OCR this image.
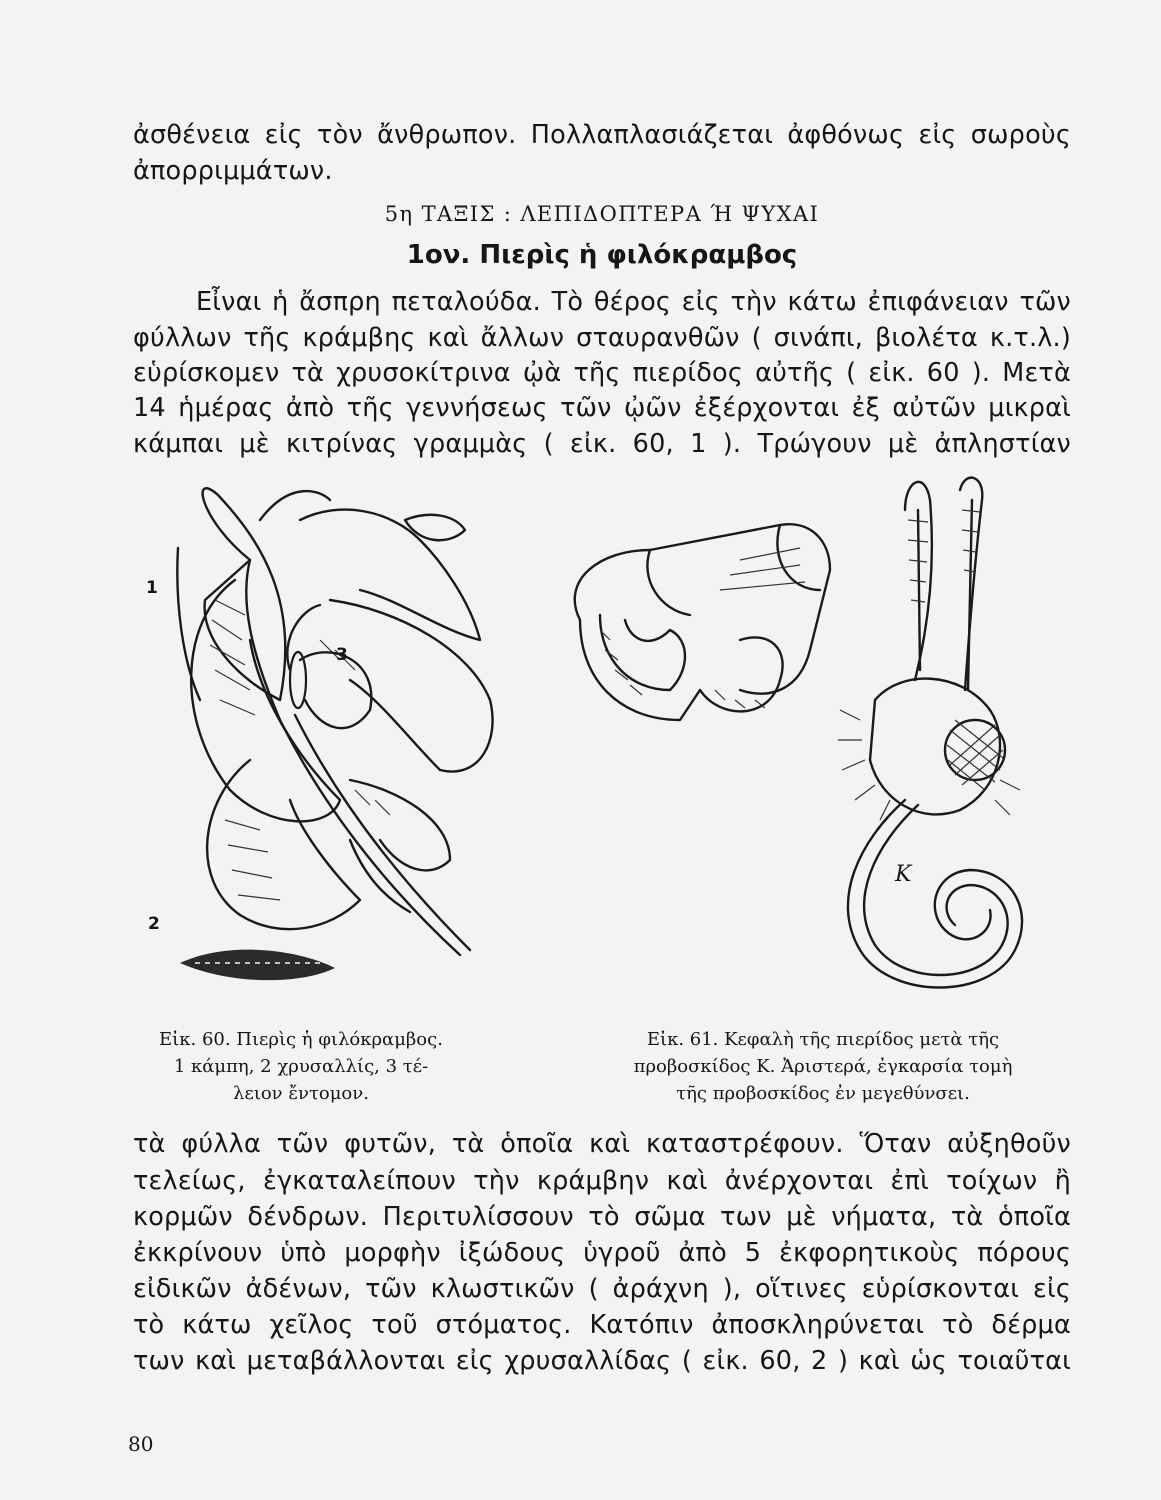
ἀσθένεια εἰς τὸν ἄνθρωπον. Πολλαπλασιάζεται ἀφθόνως εἰς σωροὺς
ἀπορριμμάτων.
5η ΤΑΞΙΣ : ΛΕΠΙΔΟΠΤΕΡΑ Ή ΨΥΧΑΙ
1ον. Πιερὶς ἡ φιλόκραμβος
Εἶναι ἡ ἄσπρη πεταλούδα. Τὸ θέρος εἰς τὴν κάτω ἐπιφάνειαν τῶν
φύλλων τῆς κράμβης καὶ ἄλλων σταυρανθῶν ( σινάπι, βιολέτα κ.τ.λ.)
εὑρίσκομεν τὰ χρυσοκίτρινα ᾠὰ τῆς πιερίδος αὐτῆς ( εἰκ. 60 ). Μετὰ
14 ἡμέρας ἀπὸ τῆς γεννήσεως τῶν ᾠῶν ἐξέρχονται ἐξ αὐτῶν μικραὶ
κάμπαι μὲ κιτρίνας γραμμὰς ( εἰκ. 60, 1 ). Τρώγουν μὲ ἀπληστίαν
1
2
3
Κ
Εἰκ. 60. Πιερὶς ἡ φιλόκραμβος.
1 κάμπη, 2 χρυσαλλίς, 3 τέ-
λειον ἔντομον.
Εἰκ. 61. Κεφαλὴ τῆς πιερίδος μετὰ τῆς
προβοσκίδος Κ. Ἀριστερά, ἐγκαρσία τομὴ
τῆς προβοσκίδος ἐν μεγεθύνσει.
τὰ φύλλα τῶν φυτῶν, τὰ ὁποῖα καὶ καταστρέφουν. Ὅταν αὐξηθοῦν
τελείως, ἐγκαταλείπουν τὴν κράμβην καὶ ἀνέρχονται ἐπὶ τοίχων ἢ
κορμῶν δένδρων. Περιτυλίσσουν τὸ σῶμα των μὲ νήματα, τὰ ὁποῖα
ἐκκρίνουν ὑπὸ μορφὴν ἰξώδους ὑγροῦ ἀπὸ 5 ἐκφορητικοὺς πόρους
εἰδικῶν ἀδένων, τῶν κλωστικῶν ( ἀράχνη ), οἵτινες εὑρίσκονται εἰς
τὸ κάτω χεῖλος τοῦ στόματος. Κατόπιν ἀποσκληρύνεται τὸ δέρμα
των καὶ μεταβάλλονται εἰς χρυσαλλίδας ( εἰκ. 60, 2 ) καὶ ὡς τοιαῦται
80
